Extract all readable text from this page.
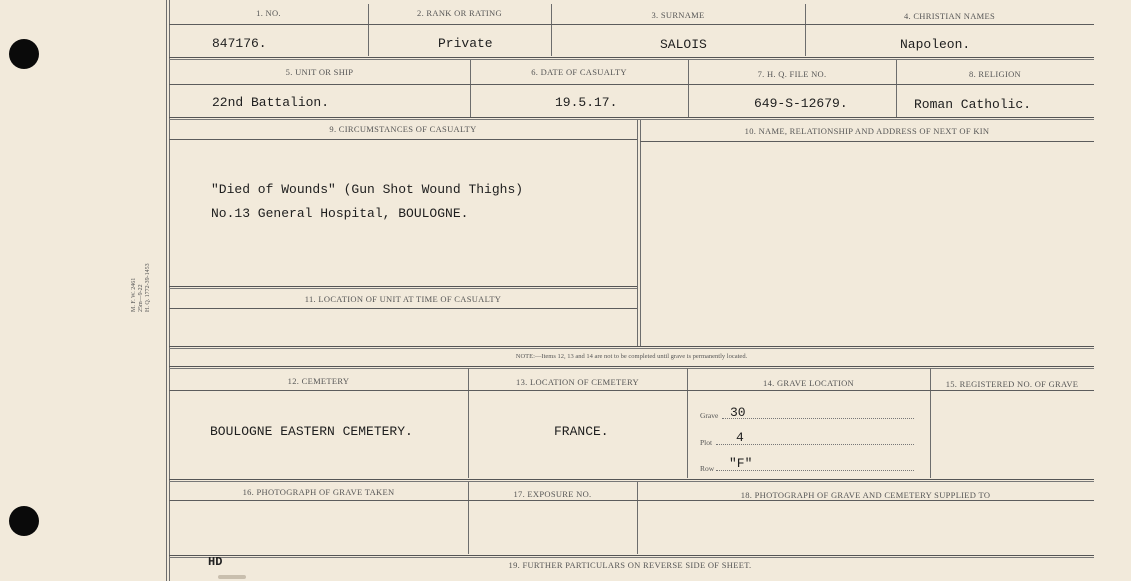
M. F. W. 2461 25m—9-22 H. Q. 1772-39-1453
1. NO.	2. RANK OR RATING	3. SURNAME	4. CHRISTIAN NAMES
847176.	Private	SALOIS	Napoleon.
5. UNIT OR SHIP	6. DATE OF CASUALTY	7. H. Q. FILE NO.	8. RELIGION
22nd Battalion.	19.5.17.	649-S-12679.	Roman Catholic.
9. CIRCUMSTANCES OF CASUALTY	10. NAME, RELATIONSHIP AND ADDRESS OF NEXT OF KIN
"Died of Wounds" (Gun Shot Wound Thighs)
No.13 General Hospital, BOULOGNE.
11. LOCATION OF UNIT AT TIME OF CASUALTY
NOTE:—Items 12, 13 and 14 are not to be completed until grave is permanently located.
12. CEMETERY	13. LOCATION OF CEMETERY	14. GRAVE LOCATION	15. REGISTERED NO. OF GRAVE
BOULOGNE EASTERN CEMETERY.	FRANCE.
Grave 30
Plot 4
Row "F"
16. PHOTOGRAPH OF GRAVE TAKEN	17. EXPOSURE NO.	18. PHOTOGRAPH OF GRAVE AND CEMETERY SUPPLIED TO
HD	19. FURTHER PARTICULARS ON REVERSE SIDE OF SHEET.
